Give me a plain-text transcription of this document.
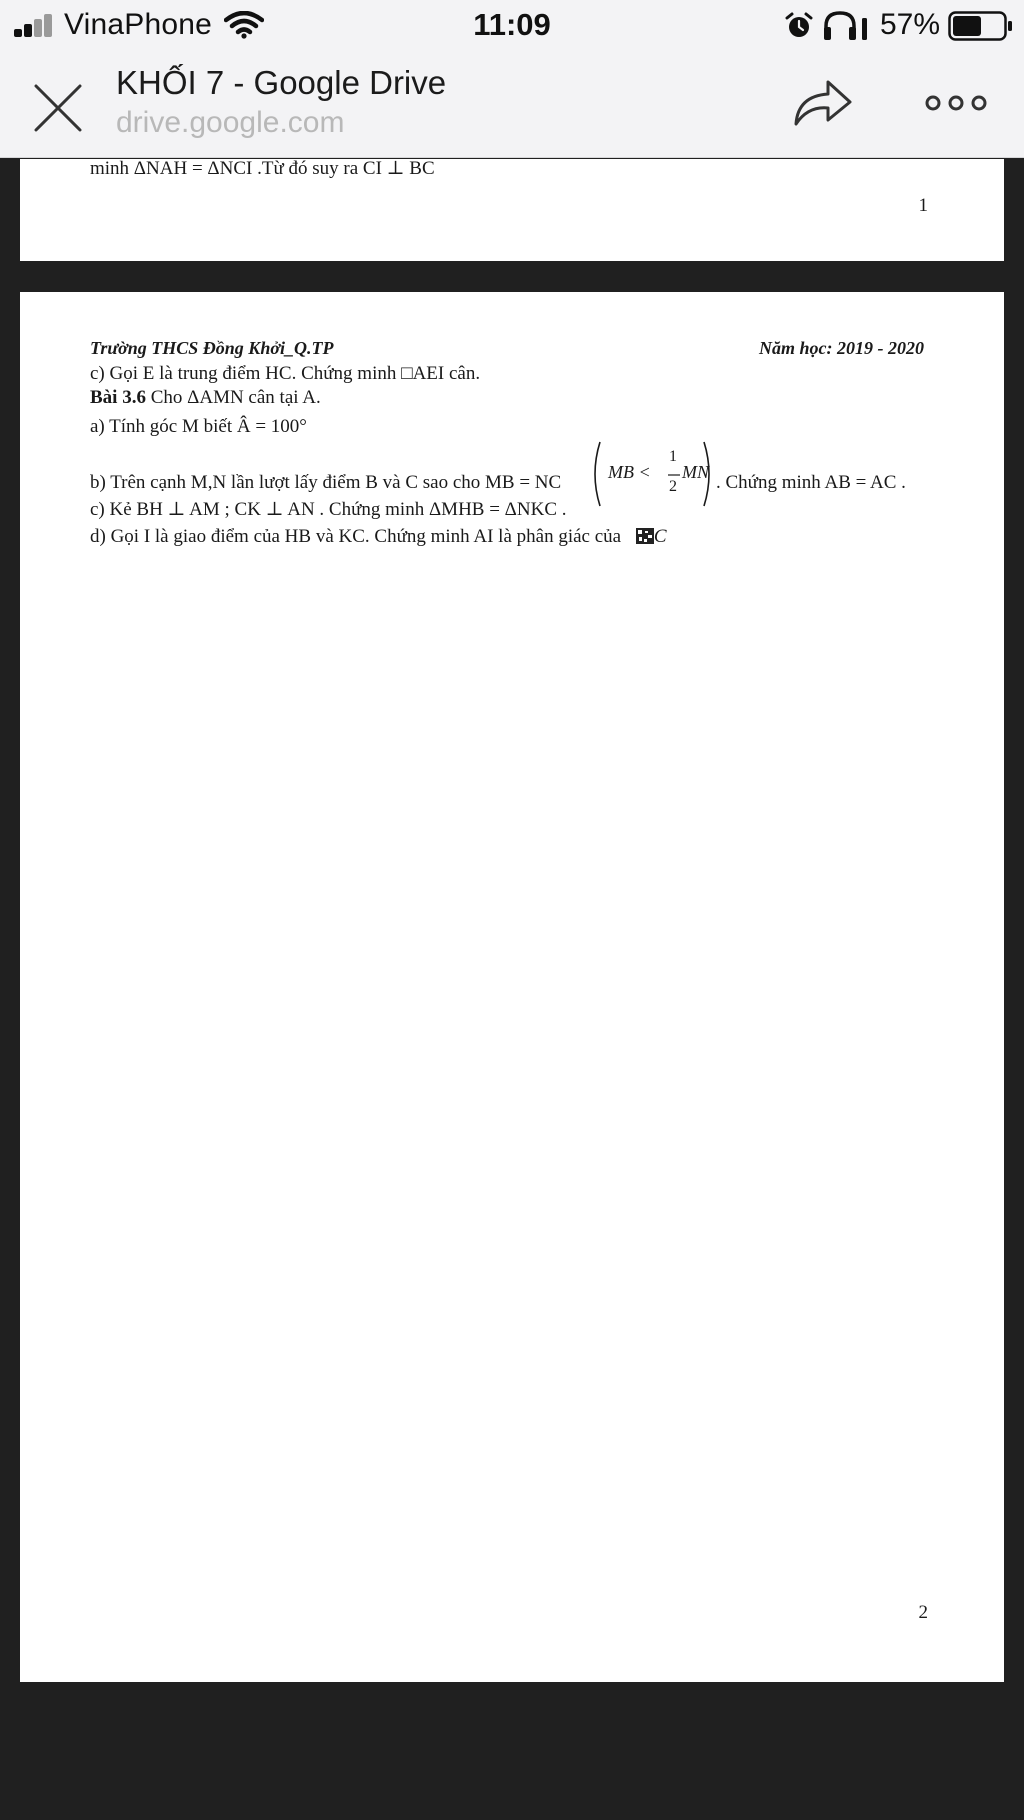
VinaPhone	11:09	57%
KHỐI 7 - Google Drive
drive.google.com
minh ΔNAH = ΔNCI .Từ đó suy ra CI ⊥ BC
1
Trường THCS Đồng Khởi_Q.TP	Năm học: 2019 - 2020
c) Gọi E là trung điểm HC. Chứng minh □AEI cân.
Bài 3.6 Cho ΔAMN cân tại A.
a) Tính góc M biết Â = 100°
b) Trên cạnh M,N lần lượt lấy điểm B và C sao cho MB = NC	MB <
1
2
MN . Chứng minh AB = AC .
c) Kẻ BH ⊥ AM ; CK ⊥ AN . Chứng minh ΔMHB = ΔNKC .
d) Gọi I là giao điểm của HB và KC. Chứng minh AI là phân giác của C
2
